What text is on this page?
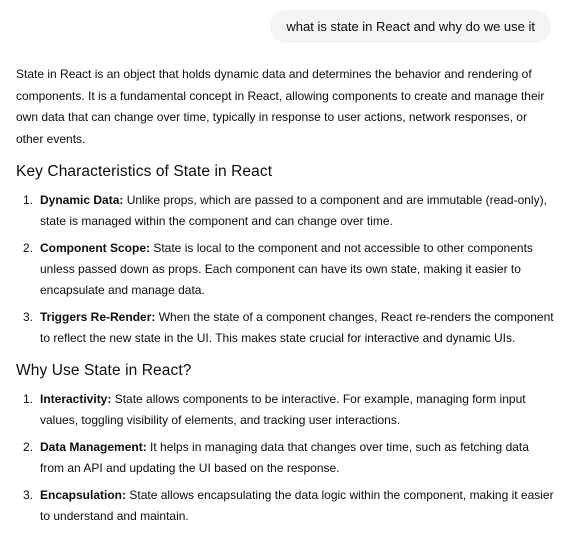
what is state in React and why do we use it

State in React is an object that holds dynamic data and determines the behavior and rendering of components. It is a fundamental concept in React, allowing components to create and manage their own data that can change over time, typically in response to user actions, network responses, or other events.

Key Characteristics of State in React
1. Dynamic Data: Unlike props, which are passed to a component and are immutable (read-only), state is managed within the component and can change over time.
2. Component Scope: State is local to the component and not accessible to other components unless passed down as props. Each component can have its own state, making it easier to encapsulate and manage data.
3. Triggers Re-Render: When the state of a component changes, React re-renders the component to reflect the new state in the UI. This makes state crucial for interactive and dynamic UIs.
Why Use State in React?
1. Interactivity: State allows components to be interactive. For example, managing form input values, toggling visibility of elements, and tracking user interactions.
2. Data Management: It helps in managing data that changes over time, such as fetching data from an API and updating the UI based on the response.
3. Encapsulation: State allows encapsulating the data logic within the component, making it easier to understand and maintain.
